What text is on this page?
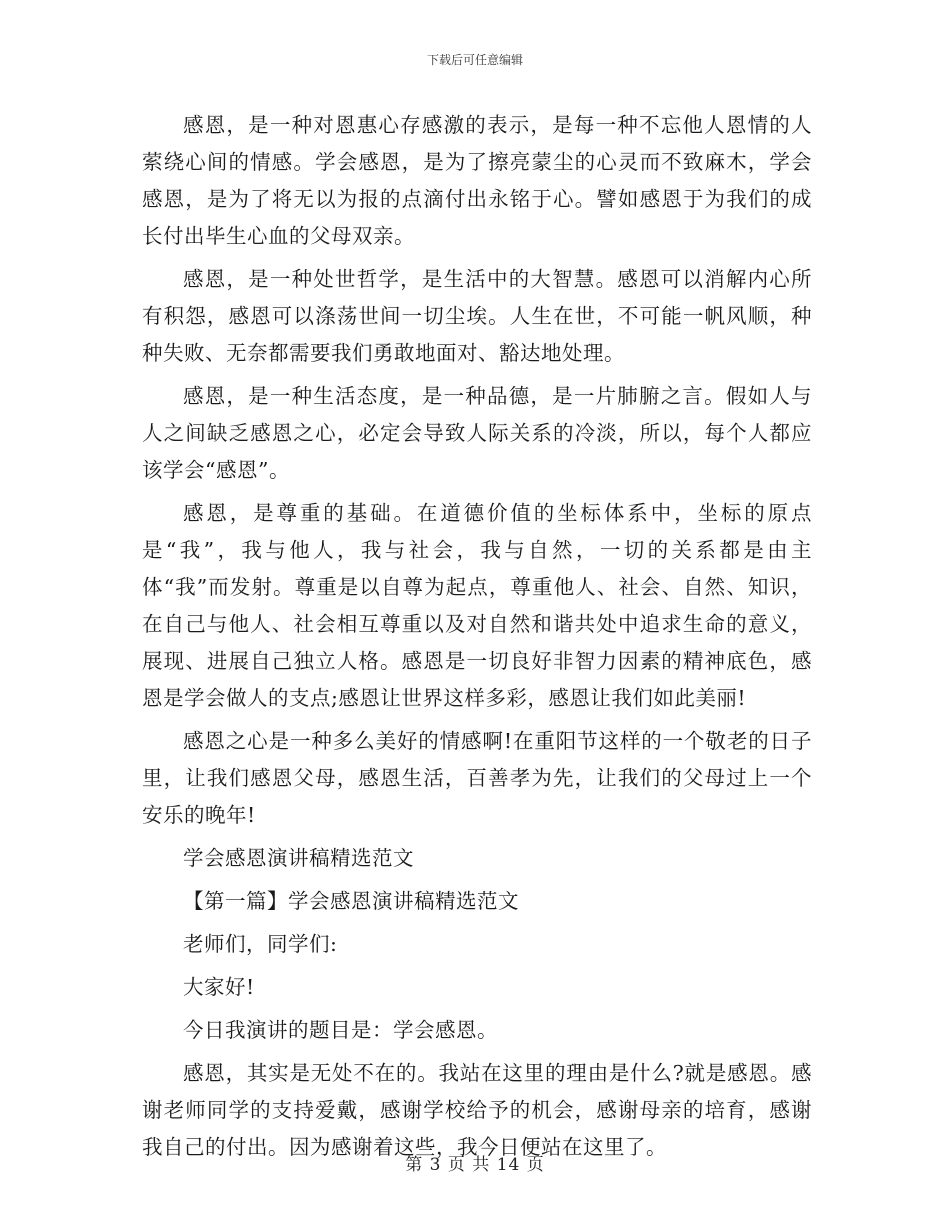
下载后可任意编辑

感恩，是一种对恩惠心存感激的表示，是每一种不忘他人恩情的人萦绕心间的情感。学会感恩，是为了擦亮蒙尘的心灵而不致麻木，学会感恩，是为了将无以为报的点滴付出永铭于心。譬如感恩于为我们的成长付出毕生心血的父母双亲。

感恩，是一种处世哲学，是生活中的大智慧。感恩可以消解内心所有积怨，感恩可以涤荡世间一切尘埃。人生在世，不可能一帆风顺，种种失败、无奈都需要我们勇敢地面对、豁达地处理。

感恩，是一种生活态度，是一种品德，是一片肺腑之言。假如人与人之间缺乏感恩之心，必定会导致人际关系的冷淡，所以，每个人都应该学会“感恩”。

感恩，是尊重的基础。在道德价值的坐标体系中，坐标的原点是“我”，我与他人，我与社会，我与自然，一切的关系都是由主体“我”而发射。尊重是以自尊为起点，尊重他人、社会、自然、知识，在自己与他人、社会相互尊重以及对自然和谐共处中追求生命的意义，展现、进展自己独立人格。感恩是一切良好非智力因素的精神底色，感恩是学会做人的支点;感恩让世界这样多彩，感恩让我们如此美丽!

感恩之心是一种多么美好的情感啊!在重阳节这样的一个敬老的日子里，让我们感恩父母，感恩生活，百善孝为先，让我们的父母过上一个安乐的晚年!

学会感恩演讲稿精选范文

【第一篇】学会感恩演讲稿精选范文

老师们，同学们:

大家好!

今日我演讲的题目是：学会感恩。

感恩，其实是无处不在的。我站在这里的理由是什么?就是感恩。感谢老师同学的支持爱戴，感谢学校给予的机会，感谢母亲的培育，感谢我自己的付出。因为感谢着这些，我今日便站在这里了。

第 3 页 共 14 页
